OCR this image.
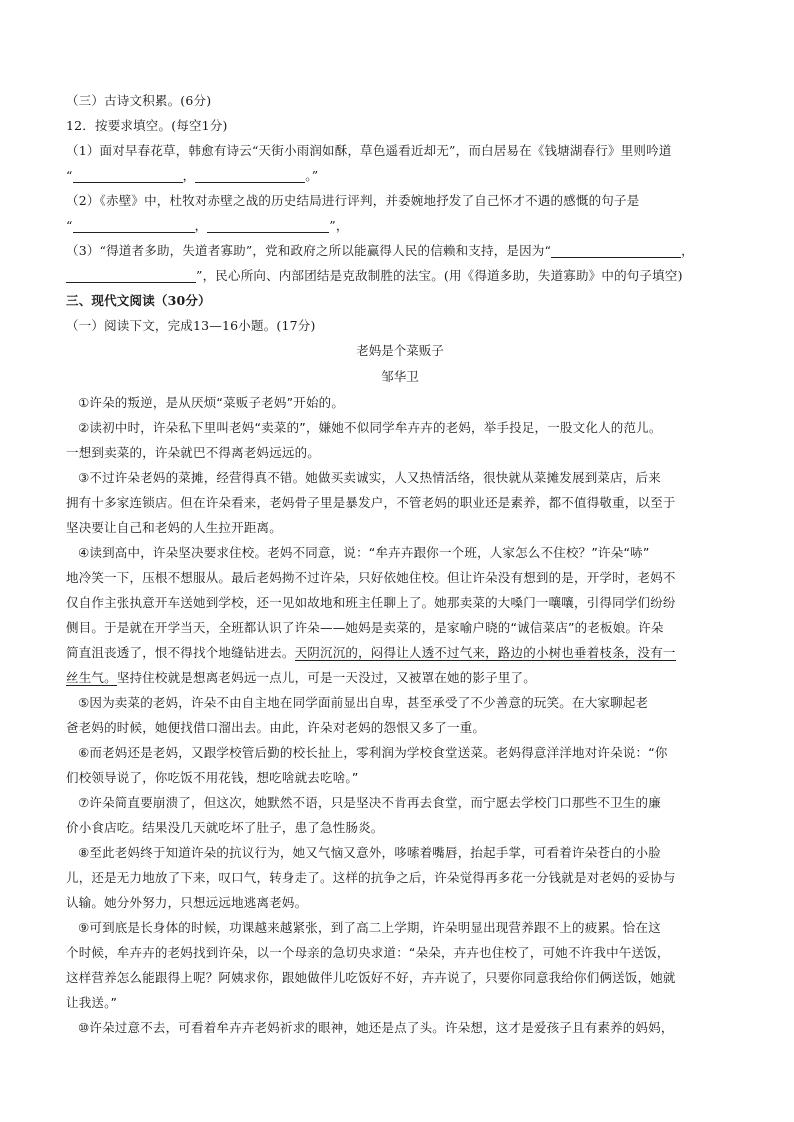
（三）古诗文积累。(6分)
12．按要求填空。(每空1分)
（1）面对早春花草，韩愈有诗云“天街小雨润如酥，草色遥看近却无”，而白居易在《钱塘湖春行》里则吟道
“	，	。”
（2）《赤壁》中，杜牧对赤壁之战的历史结局进行评判，并委婉地抒发了自己怀才不遇的感慨的句子是
“	，	”，
（3）“得道者多助，失道者寡助”，党和政府之所以能赢得人民的信赖和支持，是因为“	，
”，民心所向、内部团结是克敌制胜的法宝。(用《得道多助，失道寡助》中的句子填空)
三、现代文阅读（30分）
（一）阅读下文，完成13—16小题。(17分)
老妈是个菜贩子
邹华卫
①许朵的叛逆，是从厌烦“菜贩子老妈”开始的。
②读初中时，许朵私下里叫老妈“卖菜的”，嫌她不似同学牟卉卉的老妈，举手投足，一股文化人的范儿。
一想到卖菜的，许朵就巴不得离老妈远远的。
③不过许朵老妈的菜摊，经营得真不错。她做买卖诚实，人又热情活络，很快就从菜摊发展到菜店，后来
拥有十多家连锁店。但在许朵看来，老妈骨子里是暴发户，不管老妈的职业还是素养，都不值得敬重，以至于
坚决要让自己和老妈的人生拉开距离。
④读到高中，许朵坚决要求住校。老妈不同意，说：“牟卉卉跟你一个班，人家怎么不住校？”许朵“哧”
地冷笑一下，压根不想服从。最后老妈拗不过许朵，只好依她住校。但让许朵没有想到的是，开学时，老妈不
仅自作主张执意开车送她到学校，还一见如故地和班主任聊上了。她那卖菜的大嗓门一嚷嚷，引得同学们纷纷
侧目。于是就在开学当天，全班都认识了许朵——她妈是卖菜的，是家喻户晓的“诚信菜店”的老板娘。许朵
简直沮丧透了，恨不得找个地缝钻进去。天阴沉沉的，闷得让人透不过气来，路边的小树也垂着枝条，没有一
丝生气。坚持住校就是想离老妈远一点儿，可是一天没过，又被罩在她的影子里了。
⑤因为卖菜的老妈，许朵不由自主地在同学面前显出自卑，甚至承受了不少善意的玩笑。在大家聊起老
爸老妈的时候，她便找借口溜出去。由此，许朵对老妈的怨恨又多了一重。
⑥而老妈还是老妈，又跟学校管后勤的校长扯上，零利润为学校食堂送菜。老妈得意洋洋地对许朵说：“你
们校领导说了，你吃饭不用花钱，想吃啥就去吃啥。”
⑦许朵简直要崩溃了，但这次，她默然不语，只是坚决不肯再去食堂，而宁愿去学校门口那些不卫生的廉
价小食店吃。结果没几天就吃坏了肚子，患了急性肠炎。
⑧至此老妈终于知道许朵的抗议行为，她又气恼又意外，哆嗦着嘴唇，抬起手掌，可看着许朵苍白的小脸
儿，还是无力地放了下来，叹口气，转身走了。这样的抗争之后，许朵觉得再多花一分钱就是对老妈的妥协与
认输。她分外努力，只想远远地逃离老妈。
⑨可到底是长身体的时候，功课越来越紧张，到了高二上学期，许朵明显出现营养跟不上的疲累。恰在这
个时候，牟卉卉的老妈找到许朵，以一个母亲的急切央求道：“朵朵，卉卉也住校了，可她不许我中午送饭，
这样营养怎么能跟得上呢？阿姨求你，跟她做伴儿吃饭好不好，卉卉说了，只要你同意我给你们俩送饭，她就
让我送。”
⑩许朵过意不去，可看着牟卉卉老妈祈求的眼神，她还是点了头。许朵想，这才是爱孩子且有素养的妈妈，
